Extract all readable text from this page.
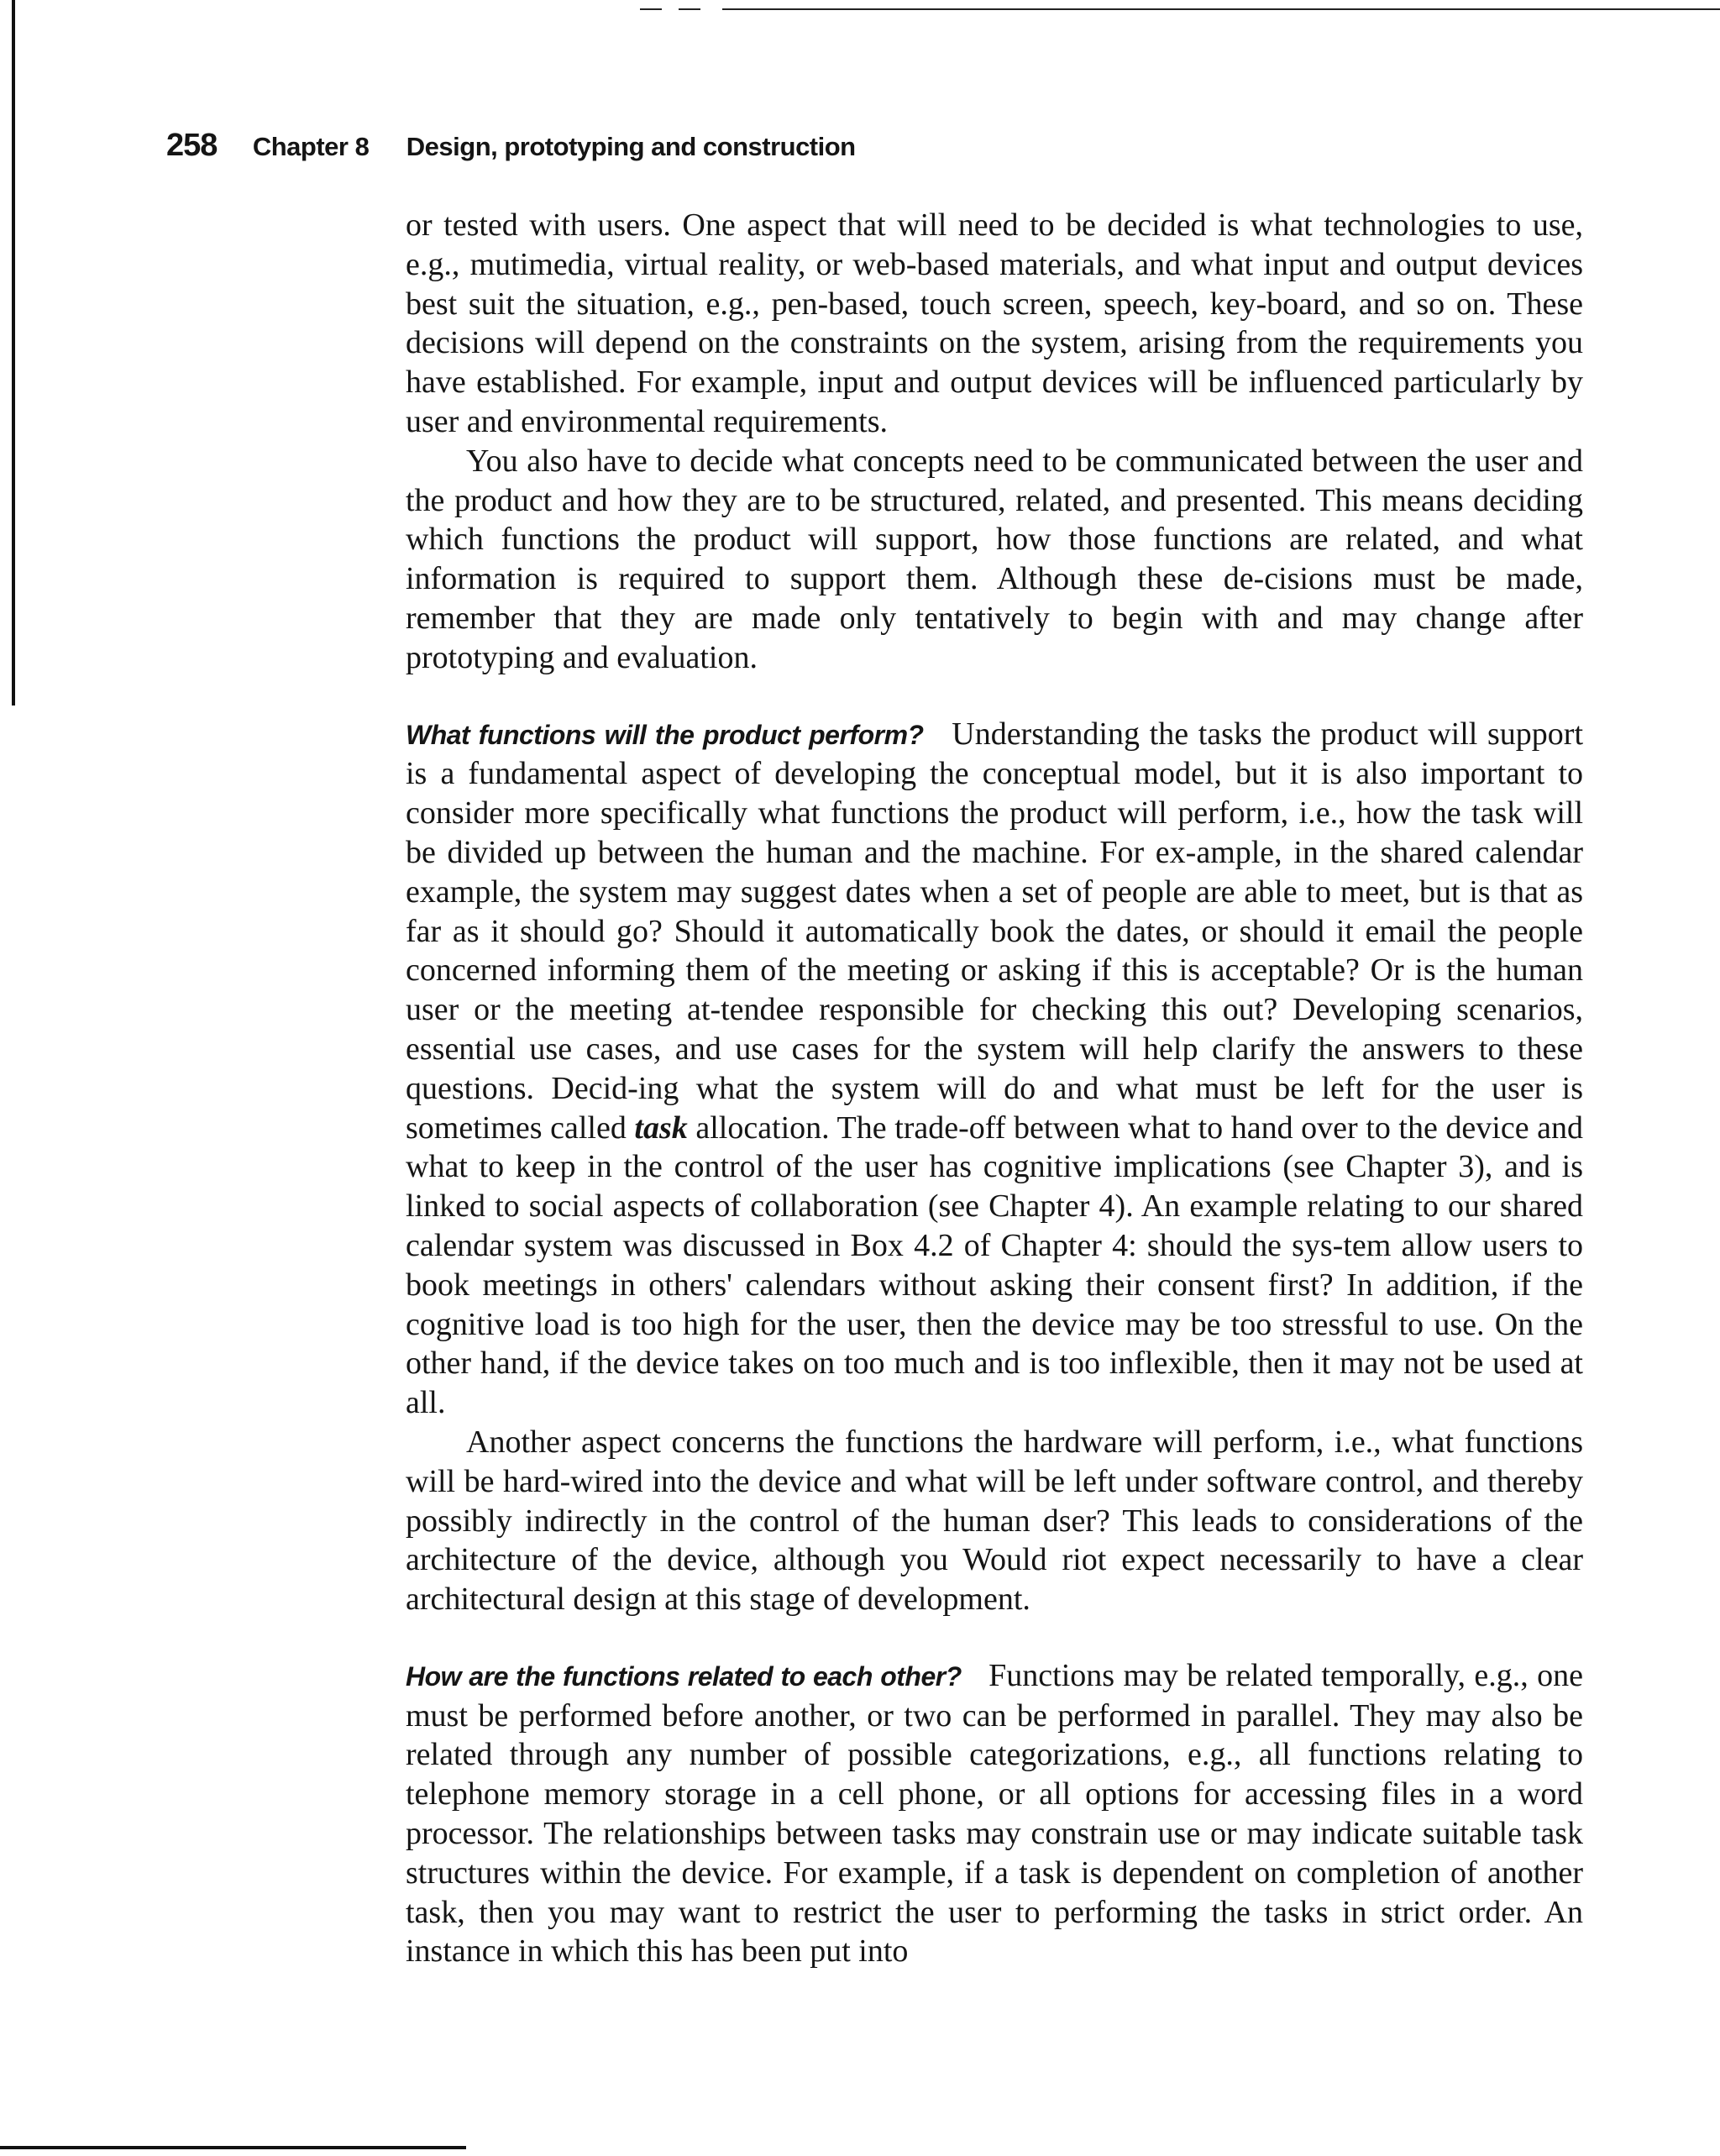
258 Chapter 8 Design, prototyping and construction

or tested with users. One aspect that will need to be decided is what technologies to use, e.g., mutimedia, virtual reality, or web-based materials, and what input and output devices best suit the situation, e.g., pen-based, touch screen, speech, key-board, and so on. These decisions will depend on the constraints on the system, arising from the requirements you have established. For example, input and output devices will be influenced particularly by user and environmental requirements.

You also have to decide what concepts need to be communicated between the user and the product and how they are to be structured, related, and presented. This means deciding which functions the product will support, how those functions are related, and what information is required to support them. Although these de-cisions must be made, remember that they are made only tentatively to begin with and may change after prototyping and evaluation.

What functions will the product perform? Understanding the tasks the product will support is a fundamental aspect of developing the conceptual model, but it is also important to consider more specifically what functions the product will perform, i.e., how the task will be divided up between the human and the machine. For ex-ample, in the shared calendar example, the system may suggest dates when a set of people are able to meet, but is that as far as it should go? Should it automatically book the dates, or should it email the people concerned informing them of the meeting or asking if this is acceptable? Or is the human user or the meeting at-tendee responsible for checking this out? Developing scenarios, essential use cases, and use cases for the system will help clarify the answers to these questions. Decid-ing what the system will do and what must be left for the user is sometimes called task allocation. The trade-off between what to hand over to the device and what to keep in the control of the user has cognitive implications (see Chapter 3), and is linked to social aspects of collaboration (see Chapter 4). An example relating to our shared calendar system was discussed in Box 4.2 of Chapter 4: should the sys-tem allow users to book meetings in others' calendars without asking their consent first? In addition, if the cognitive load is too high for the user, then the device may be too stressful to use. On the other hand, if the device takes on too much and is too inflexible, then it may not be used at all.

Another aspect concerns the functions the hardware will perform, i.e., what functions will be hard-wired into the device and what will be left under software control, and thereby possibly indirectly in the control of the human dser? This leads to considerations of the architecture of the device, although you Would riot expect necessarily to have a clear architectural design at this stage of development.

How are the functions related to each other? Functions may be related temporally, e.g., one must be performed before another, or two can be performed in parallel. They may also be related through any number of possible categorizations, e.g., all functions relating to telephone memory storage in a cell phone, or all options for accessing files in a word processor. The relationships between tasks may constrain use or may indicate suitable task structures within the device. For example, if a task is dependent on completion of another task, then you may want to restrict the user to performing the tasks in strict order. An instance in which this has been put into
